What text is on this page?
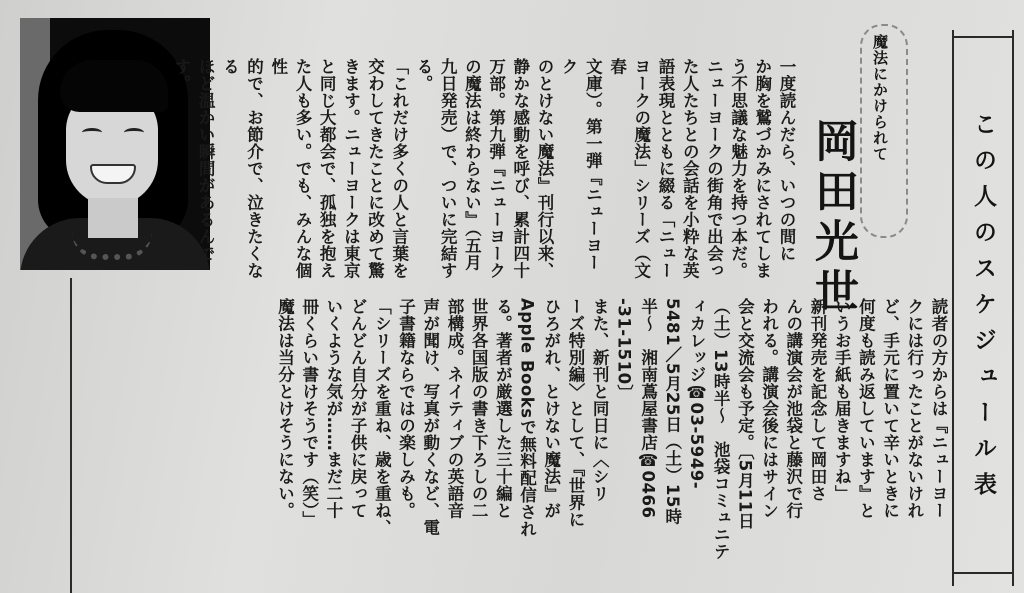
この人のスケジュール表
魔法にかけられて
岡田光世
一度読んだら、いつの間に
か胸を鷲づかみにされてしま
う不思議な魅力を持つ本だ。
ニューヨークの街角で出会っ
た人たちとの会話を小粋な英
語表現とともに綴る「ニュー
ヨークの魔法」シリーズ（文春
文庫）。第一弾『ニューヨーク
のとけない魔法』刊行以来、
静かな感動を呼び、累計四十
万部。第九弾『ニューヨーク
の魔法は終わらない』（五月
九日発売）で、ついに完結する。
「これだけ多くの人と言葉を
交わしてきたことに改めて驚
きます。ニューヨークは東京
と同じ大都会で、孤独を抱え
た人も多い。でも、みんな個性
的で、お節介で、泣きたくなる
ほど温かい瞬間があるんです。
読者の方からは『ニューヨー
クには行ったことがないけれ
ど、手元に置いて辛いときに
何度も読み返しています』と
いうお手紙も届きますね」
新刊発売を記念して岡田さ
んの講演会が池袋と藤沢で行
われる。講演会後にはサイン
会と交流会も予定。〔5月11日
（土）13時半～　池袋コミュニテ
ィカレッジ☎03-5949-
5481／5月25日（土）15時
半～　湘南蔦屋書店☎0466
-31-1510〕
また、新刊と同日に〈シリ
ーズ特別編〉として、『世界に
ひろがれ、とけない魔法』が
Apple Booksで無料配信され
る。著者が厳選した三十編と
世界各国版の書き下ろしの二
部構成。ネイティブの英語音
声が聞け、写真が動くなど、電
子書籍ならではの楽しみも。
「シリーズを重ね、歳を重ね、
どんどん自分が子供に戻って
いくような気が……まだ二十
冊くらい書けそうです（笑）」
魔法は当分とけそうにない。
